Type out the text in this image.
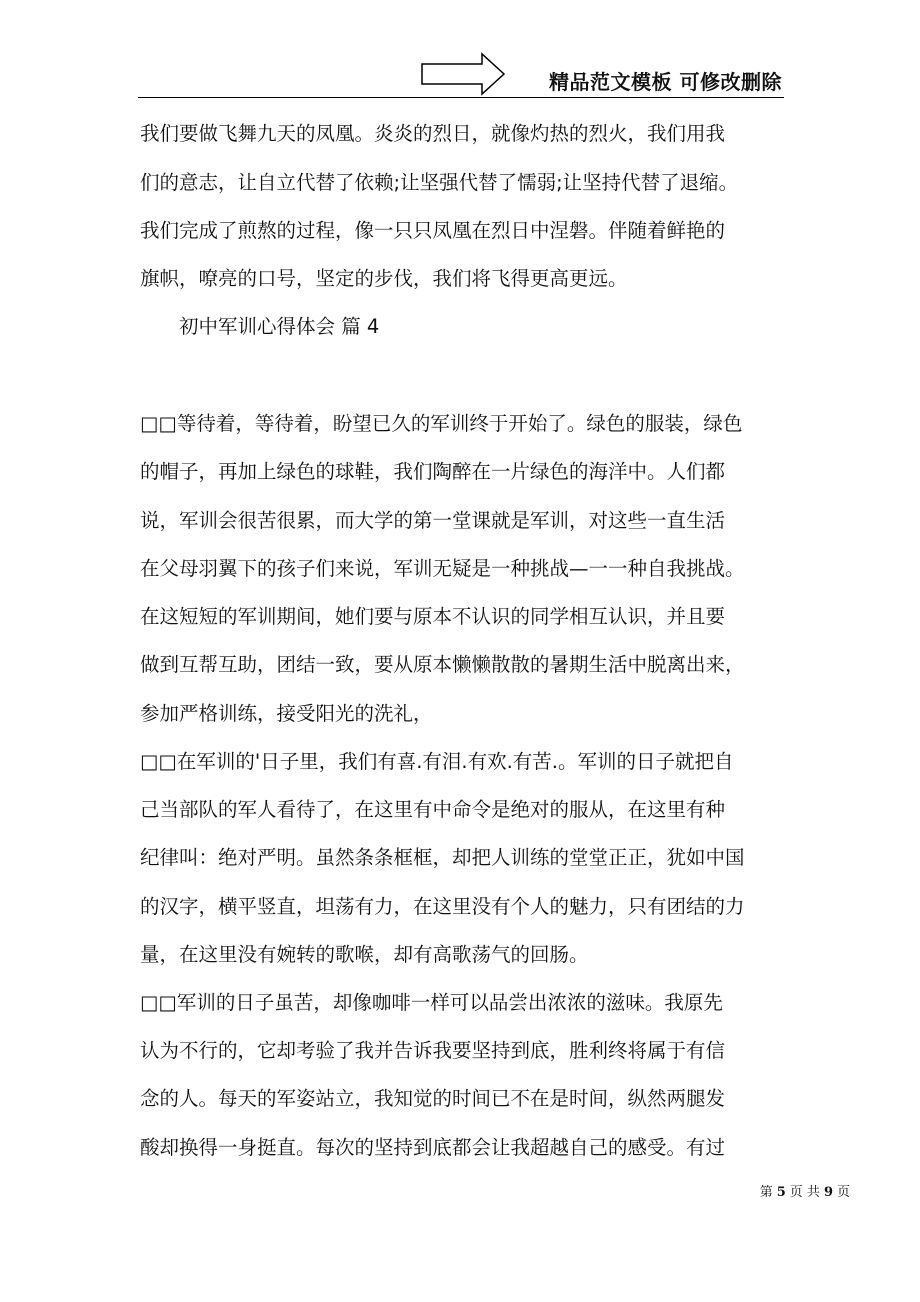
精品范文模板 可修改删除
我们要做飞舞九天的凤凰。炎炎的烈日，就像灼热的烈火，我们用我
们的意志，让自立代替了依赖;让坚强代替了懦弱;让坚持代替了退缩。
我们完成了煎熬的过程，像一只只凤凰在烈日中涅磐。伴随着鲜艳的
旗帜，嘹亮的口号，坚定的步伐，我们将飞得更高更远。
　　初中军训心得体会 篇 4
□□等待着，等待着，盼望已久的军训终于开始了。绿色的服装，绿色
的帽子，再加上绿色的球鞋，我们陶醉在一片绿色的海洋中。人们都
说，军训会很苦很累，而大学的第一堂课就是军训，对这些一直生活
在父母羽翼下的孩子们来说，军训无疑是一种挑战—一一种自我挑战。
在这短短的军训期间，她们要与原本不认识的同学相互认识，并且要
做到互帮互助，团结一致，要从原本懒懒散散的暑期生活中脱离出来，
参加严格训练，接受阳光的洗礼，
□□在军训的'日子里，我们有喜.有泪.有欢.有苦.。军训的日子就把自
己当部队的军人看待了，在这里有中命令是绝对的服从，在这里有种
纪律叫：绝对严明。虽然条条框框，却把人训练的堂堂正正，犹如中国
的汉字，横平竖直，坦荡有力，在这里没有个人的魅力，只有团结的力
量，在这里没有婉转的歌喉，却有高歌荡气的回肠。
□□军训的日子虽苦，却像咖啡一样可以品尝出浓浓的滋味。我原先
认为不行的，它却考验了我并告诉我要坚持到底，胜利终将属于有信
念的人。每天的军姿站立，我知觉的时间已不在是时间，纵然两腿发
酸却换得一身挺直。每次的坚持到底都会让我超越自己的感受。有过
第 5 页 共 9 页
